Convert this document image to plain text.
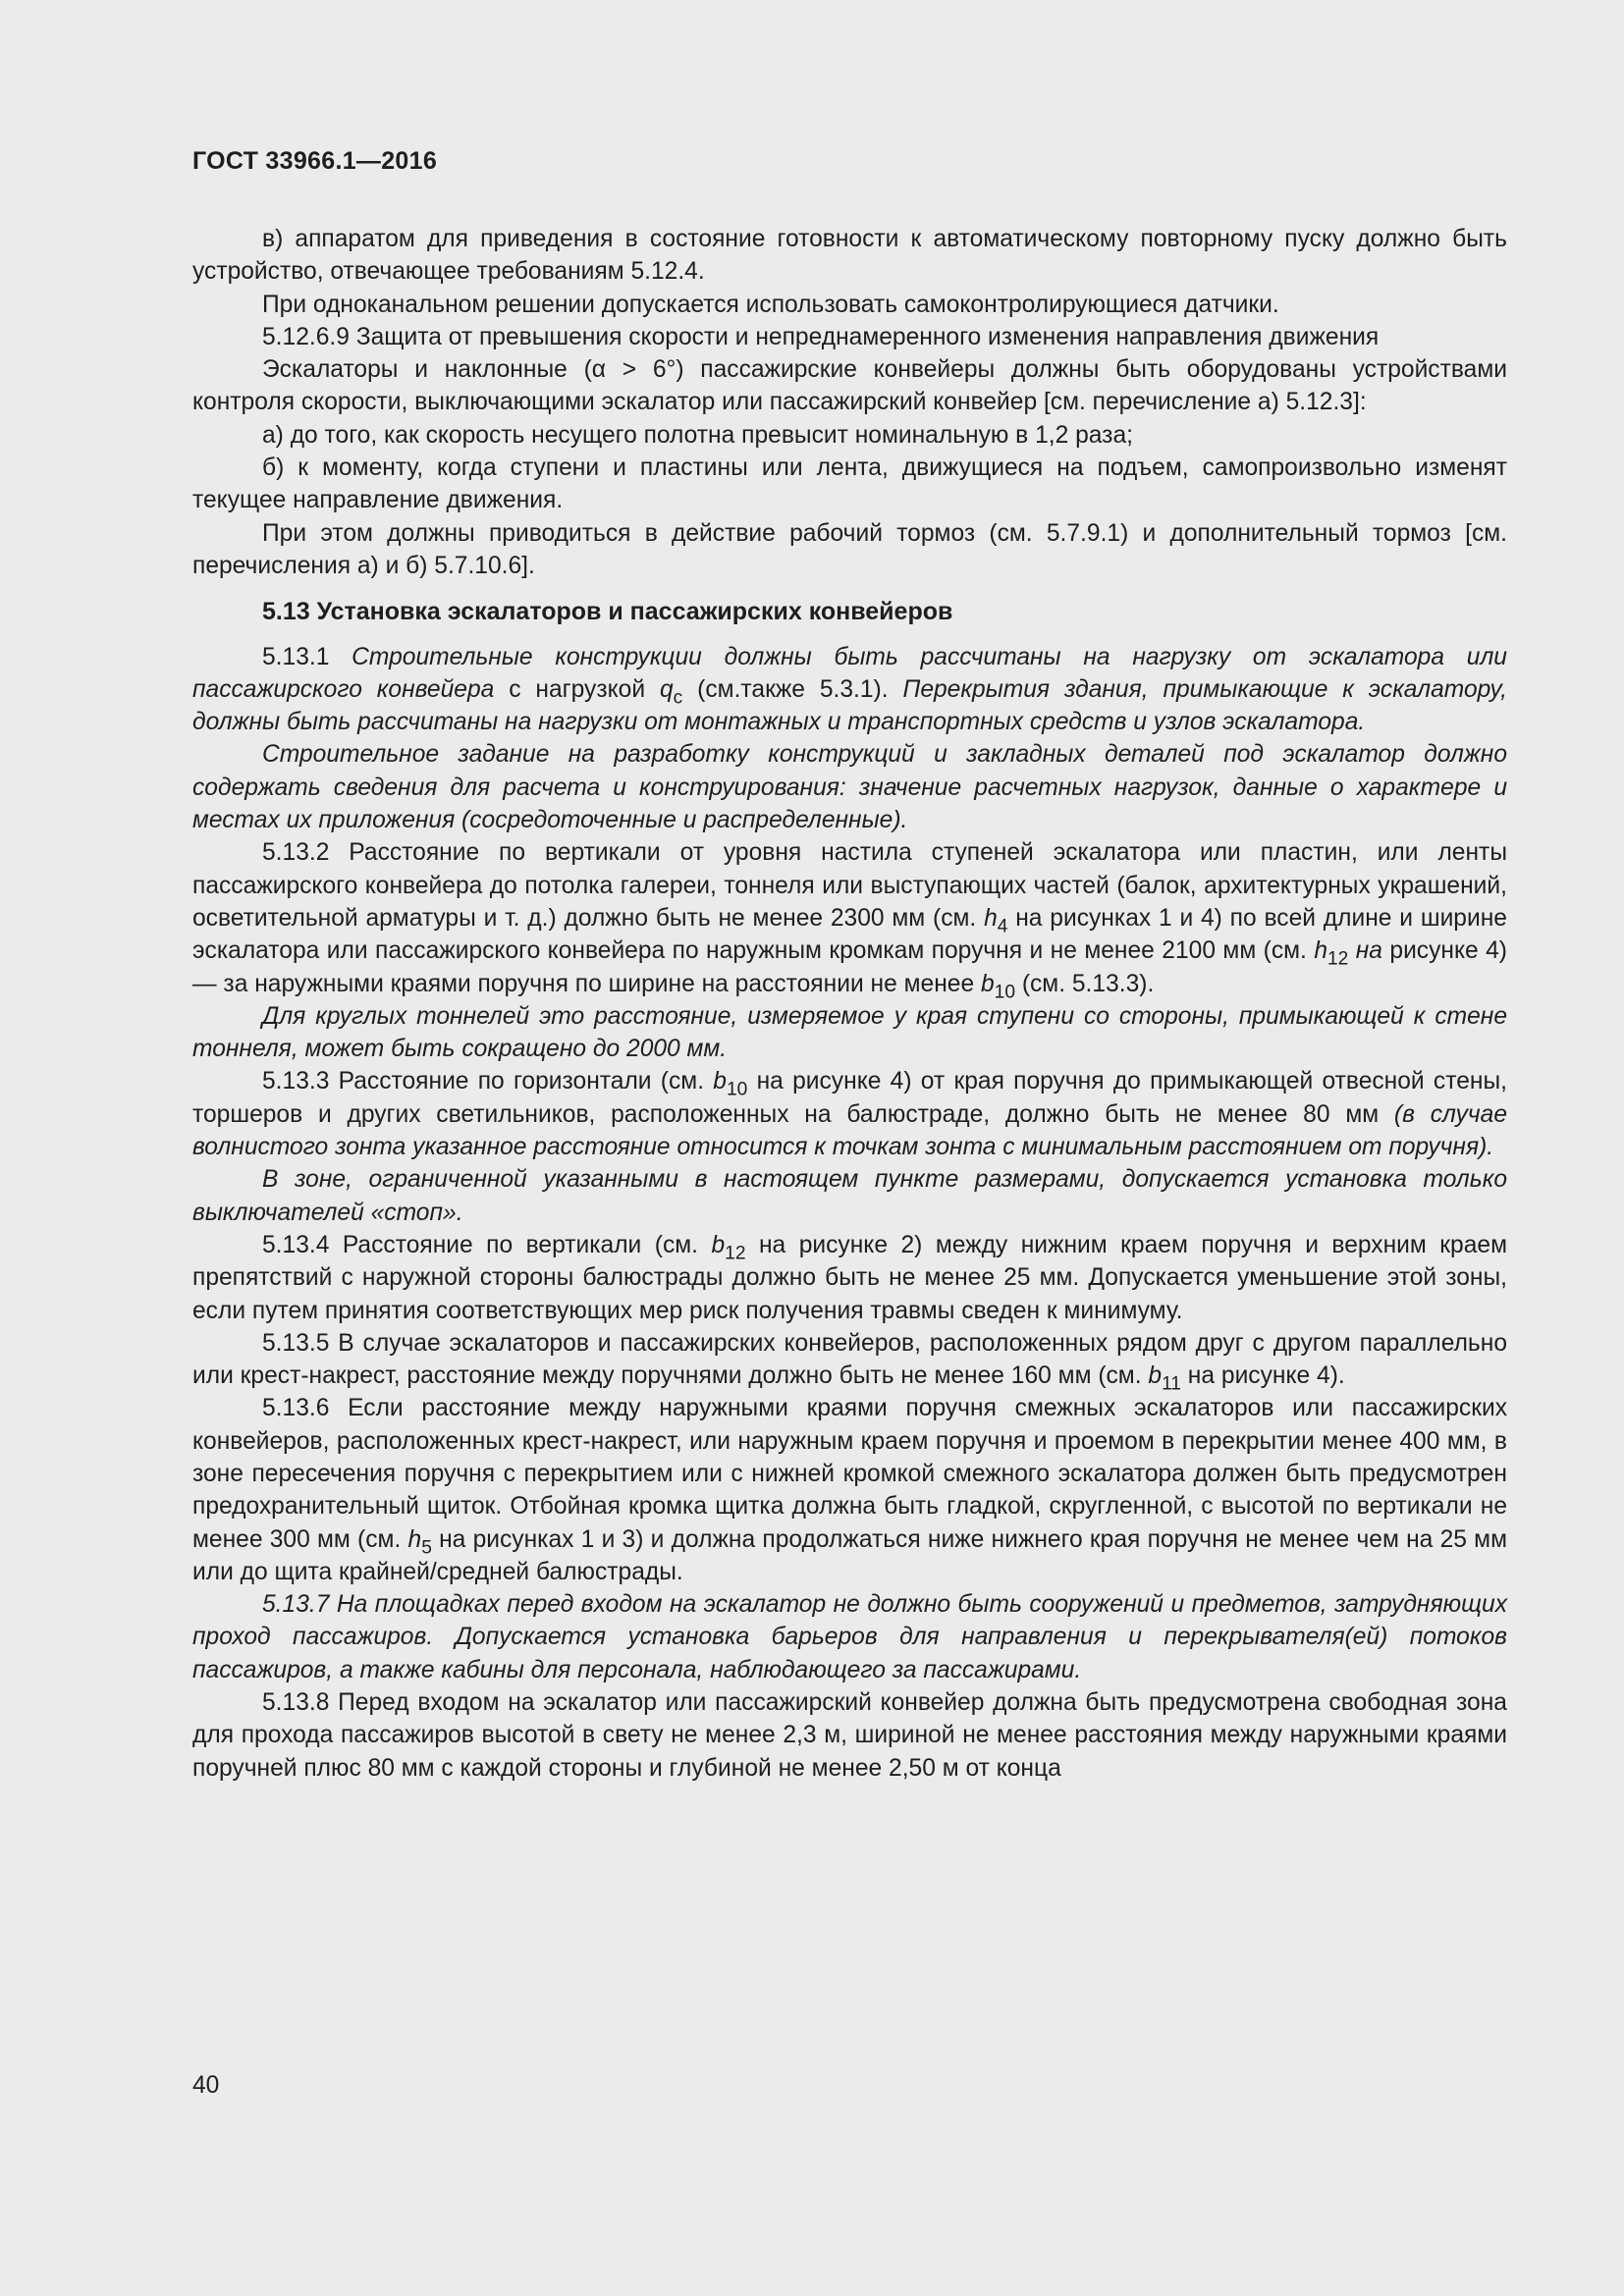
ГОСТ 33966.1—2016

в) аппаратом для приведения в состояние готовности к автоматическому повторному пуску должно быть устройство, отвечающее требованиям 5.12.4.

При одноканальном решении допускается использовать самоконтролирующиеся датчики.

5.12.6.9 Защита от превышения скорости и непреднамеренного изменения направления движения

Эскалаторы и наклонные (α > 6°) пассажирские конвейеры должны быть оборудованы устройствами контроля скорости, выключающими эскалатор или пассажирский конвейер [см. перечисление а) 5.12.3]:

а) до того, как скорость несущего полотна превысит номинальную в 1,2 раза;

б) к моменту, когда ступени и пластины или лента, движущиеся на подъем, самопроизвольно изменят текущее направление движения.

При этом должны приводиться в действие рабочий тормоз (см. 5.7.9.1) и дополнительный тормоз [см. перечисления а) и б) 5.7.10.6].

5.13 Установка эскалаторов и пассажирских конвейеров

5.13.1 Строительные конструкции должны быть рассчитаны на нагрузку от эскалатора или пассажирского конвейера с нагрузкой $q_c$ (см.также 5.3.1). Перекрытия здания, примыкающие к эскалатору, должны быть рассчитаны на нагрузки от монтажных и транспортных средств и узлов эскалатора.

Строительное задание на разработку конструкций и закладных деталей под эскалатор должно содержать сведения для расчета и конструирования: значение расчетных нагрузок, данные о характере и местах их приложения (сосредоточенные и распределенные).

5.13.2 Расстояние по вертикали от уровня настила ступеней эскалатора или пластин, или ленты пассажирского конвейера до потолка галереи, тоннеля или выступающих частей (балок, архитектурных украшений, осветительной арматуры и т. д.) должно быть не менее 2300 мм (см. $h_4$ на рисунках 1 и 4) по всей длине и ширине эскалатора или пассажирского конвейера по наружным кромкам поручня и не менее 2100 мм (см. $h_{12}$ на рисунке 4) — за наружными краями поручня по ширине на расстоянии не менее $b_{10}$ (см. 5.13.3).

Для круглых тоннелей это расстояние, измеряемое у края ступени со стороны, примыкающей к стене тоннеля, может быть сокращено до 2000 мм.

5.13.3 Расстояние по горизонтали (см. $b_{10}$ на рисунке 4) от края поручня до примыкающей отвесной стены, торшеров и других светильников, расположенных на балюстраде, должно быть не менее 80 мм (в случае волнистого зонта указанное расстояние относится к точкам зонта с минимальным расстоянием от поручня).

В зоне, ограниченной указанными в настоящем пункте размерами, допускается установка только выключателей «стоп».

5.13.4 Расстояние по вертикали (см. $b_{12}$ на рисунке 2) между нижним краем поручня и верхним краем препятствий с наружной стороны балюстрады должно быть не менее 25 мм. Допускается уменьшение этой зоны, если путем принятия соответствующих мер риск получения травмы сведен к минимуму.

5.13.5 В случае эскалаторов и пассажирских конвейеров, расположенных рядом друг с другом параллельно или крест-накрест, расстояние между поручнями должно быть не менее 160 мм (см. $b_{11}$ на рисунке 4).

5.13.6 Если расстояние между наружными краями поручня смежных эскалаторов или пассажирских конвейеров, расположенных крест-накрест, или наружным краем поручня и проемом в перекрытии менее 400 мм, в зоне пересечения поручня с перекрытием или с нижней кромкой смежного эскалатора должен быть предусмотрен предохранительный щиток. Отбойная кромка щитка должна быть гладкой, скругленной, с высотой по вертикали не менее 300 мм (см. $h_5$ на рисунках 1 и 3) и должна продолжаться ниже нижнего края поручня не менее чем на 25 мм или до щита крайней/средней балюстрады.

5.13.7 На площадках перед входом на эскалатор не должно быть сооружений и предметов, затрудняющих проход пассажиров. Допускается установка барьеров для направления и перекрывателя(ей) потоков пассажиров, а также кабины для персонала, наблюдающего за пассажирами.

5.13.8 Перед входом на эскалатор или пассажирский конвейер должна быть предусмотрена свободная зона для прохода пассажиров высотой в свету не менее 2,3 м, шириной не менее расстояния между наружными краями поручней плюс 80 мм с каждой стороны и глубиной не менее 2,50 м от конца

40
